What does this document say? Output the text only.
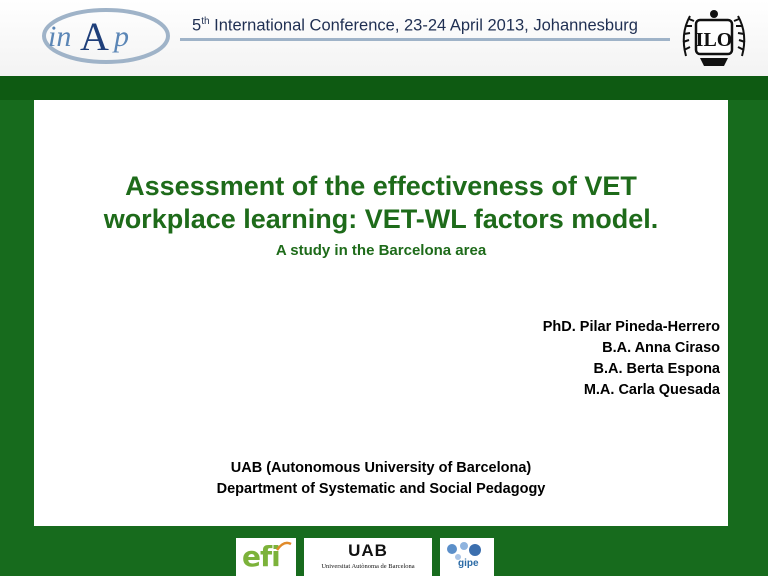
in A p	5th International Conference, 23-24 April 2013, Johannesburg
ILO
Assessment of the effectiveness of VET
workplace learning: VET-WL factors model.
A study in the Barcelona area
PhD. Pilar Pineda-Herrero
B.A. Anna Ciraso
B.A. Berta Espona
M.A. Carla Quesada
UAB (Autonomous University of Barcelona)
Department of Systematic and Social Pedagogy
efi	UAB
Universitat Autònoma de Barcelona	gipe
